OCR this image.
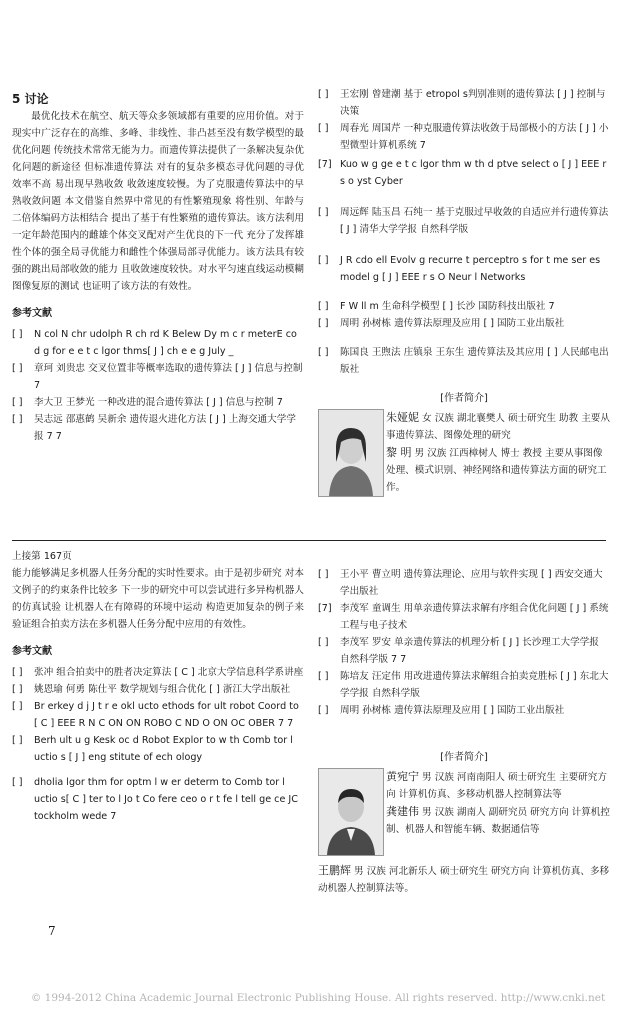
5 讨论

最优化技术在航空、航天等众多领域都有重要的应用价值。对于现实中广泛存在的高维、多峰、非线性、非凸甚至没有数学模型的最优化问题 传统技术常常无能为力。而遗传算法提供了一条解决复杂优化问题的新途径 但标准遗传算法 对有的复杂多模态寻优问题的寻优效率不高 易出现早熟收敛 收敛速度较慢。为了克服遗传算法中的早熟收敛问题 本文借鉴自然界中常见的有性繁殖现象 将性别、年龄与二倍体编码方法相结合 提出了基于有性繁殖的遗传算法。该方法利用一定年龄范围内的雌雄个体交叉配对产生优良的下一代 充分了发挥雄性个体的强全局寻优能力和雌性个体强局部寻优能力。该方法具有较强的跳出局部收敛的能力 且收敛速度较快。对水平匀速直线运动模糊图像复原的测试 也证明了该方法的有效性。

参考文献
[ ]	N col N chr udolph R ch rd K Belew Dy m c r meterE co d g for e e t c lgor thms[ J ] ch e e g July _
[ ]	章珂 刘贵忠 交叉位置非等概率选取的遗传算法 [ J ] 信息与控制 7
[ ]	李大卫 王梦光 一种改进的混合遗传算法 [ J ] 信息与控制 7
[ ]	吴志远 邵惠鹤 吴新余 遗传退火进化方法 [ J ] 上海交通大学学报 7 7
[ ]	王宏刚 曾建潮 基于 etropol s判别准则的遗传算法 [ J ] 控制与决策
[ ]	周春光 周国芹 一种克服遗传算法收敛于局部极小的方法 [ J ] 小型微型计算机系统 7
[7] Kuo w g ge e t c lgor thm w th d ptve select o [ J ] EEE r s o yst Cyber
[ ]	周远辉 陆玉昌 石纯一 基于克服过早收敛的自适应并行遗传算法 [ J ] 清华大学学报 自然科学版
[ ]	J R cdo ell Evolv g recurre t perceptro s for t me ser es model g [ J ] EEE r s O Neur l Networks
[ ]	F W ll m 生命科学模型 [ ] 长沙 国防科技出版社 7
[ ]	周明 孙树栋 遗传算法原理及应用 [ ] 国防工业出版社
[ ]	陈国良 王煦法 庄镇泉 王东生 遗传算法及其应用 [ ] 人民邮电出版社
[作者简介]
朱娅妮 女 汉族 湖北襄樊人 硕士研究生 助教 主要从事遗传算法、图像处理的研究
黎 明 男 汉族 江西樟树人 博士 教授 主要从事图像处理、模式识别、神经网络和遗传算法方面的研究工作。
上接第 167页

能力能够满足多机器人任务分配的实时性要求。由于是初步研究 对本文例子的约束条件比较多 下一步的研究中可以尝试进行多异构机器人的仿真试验 让机器人在有障碍的环境中运动 构造更加复杂的例子来验证组合拍卖方法在多机器人任务分配中应用的有效性。

参考文献
[ ]	张冲 组合拍卖中的胜者决定算法 [ C ] 北京大学信息科学系讲座
[ ]	姚恩瑜 何勇 陈仕平 数学规划与组合优化 [ ] 浙江大学出版社
[ ]	Br erkey d j J t r e okl ucto ethods for ult robot Coord to [ C ] EEE R N C ON ON ROBO C ND O ON OC OBER 7 7
[ ]	Berh ult u g Kesk oc d Robot Explor to w th Comb tor l uctio s [ J ] eng stitute of ech ology
[ ]	dholia lgor thm for optm l w er determ to Comb tor l uctio s[ C ] ter to l Jo t Co fere ceo o r t fe l tell ge ce JC tockholm wede 7
[ ]	王小平 曹立明 遗传算法理论、应用与软件实现 [ ] 西安交通大学出版社
[7] 李茂军 童调生 用单亲遗传算法求解有序组合优化问题 [ J ] 系统工程与电子技术
[ ]	李茂军 罗安 单亲遗传算法的机理分析 [ J ] 长沙理工大学学报 自然科学版 7 7
[ ]	陈培友 汪定伟 用改进遗传算法求解组合拍卖竞胜标 [ J ] 东北大学学报 自然科学版
[ ]	周明 孙树栋 遗传算法原理及应用 [ ] 国防工业出版社
[作者简介]
黄宛宁 男 汉族 河南南阳人 硕士研究生 主要研究方向 计算机仿真、多移动机器人控制算法等
龚建伟 男 汉族 湖南人 副研究员 研究方向 计算机控制、机器人和智能车辆、数据通信等
王鹏辉 男 汉族 河北新乐人 硕士研究生 研究方向 计算机仿真、多移动机器人控制算法等。
7
© 1994-2012 China Academic Journal Electronic Publishing House. All rights reserved. http://www.cnki.net
